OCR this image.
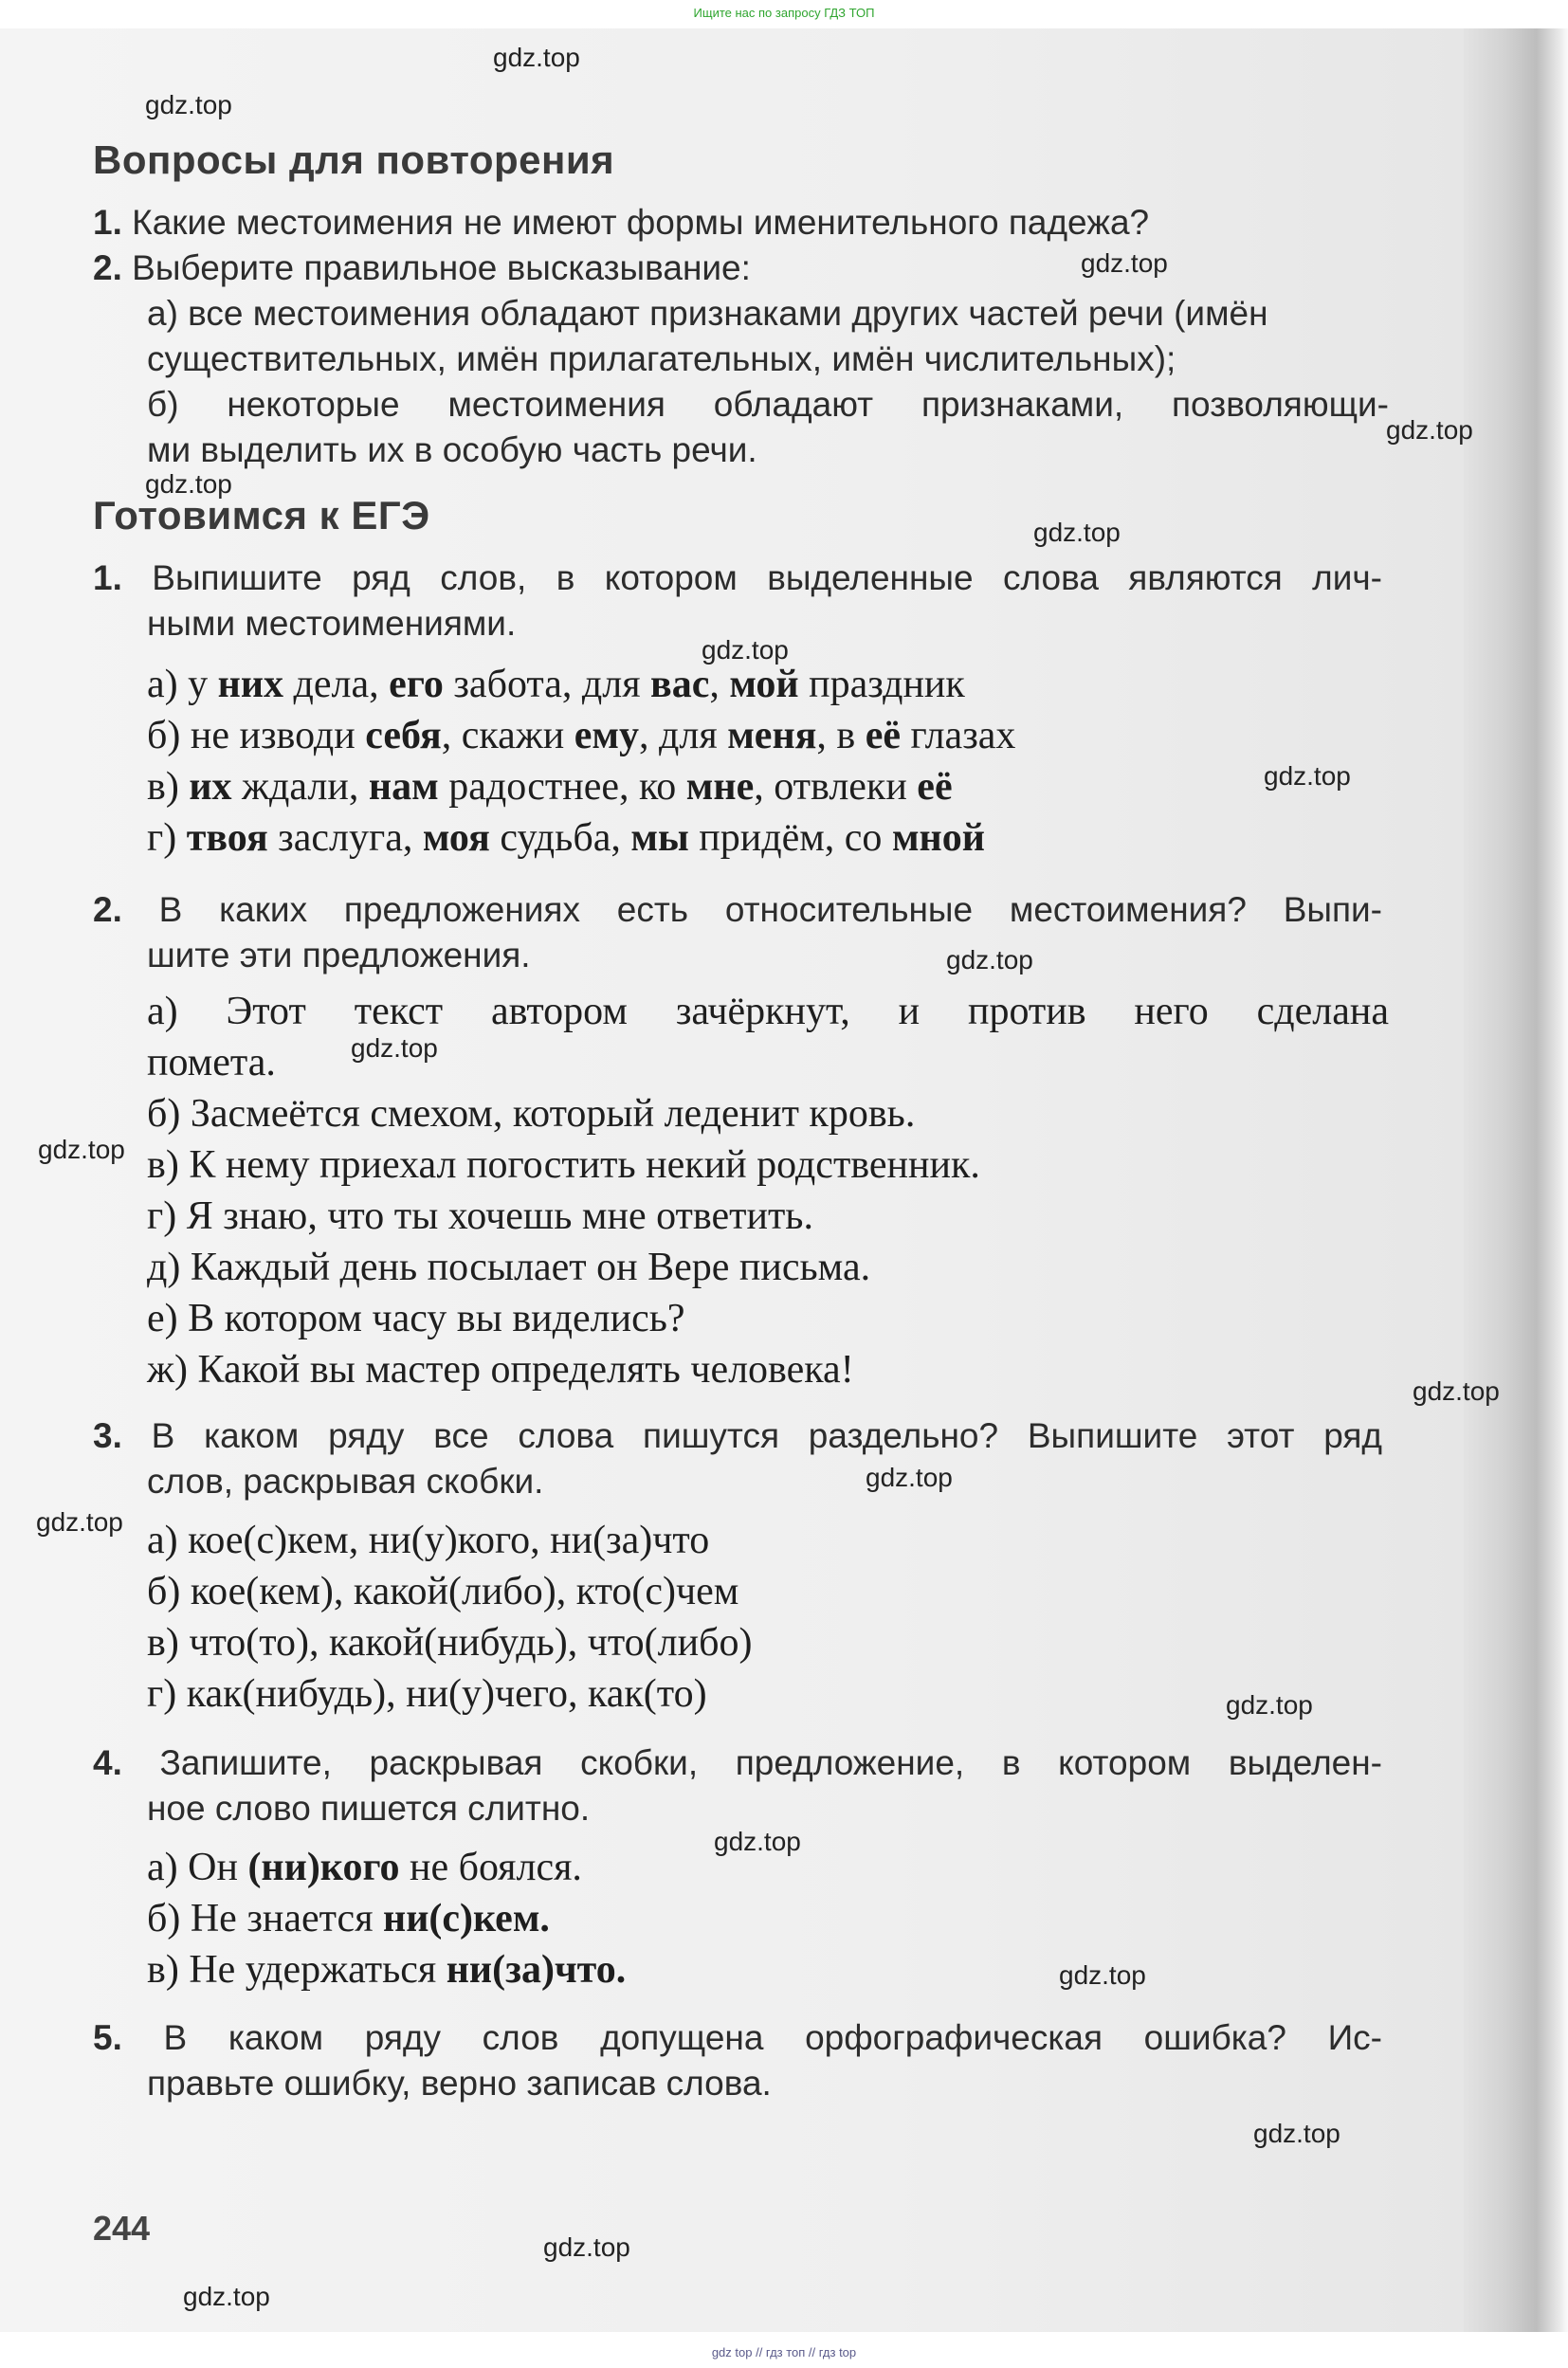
Ищите нас по запросу ГДЗ ТОП
Вопросы для повторения
1. Какие местоимения не имеют формы именительного падежа?
2. Выберите правильное высказывание:
а) все местоимения обладают признаками других частей речи (имён
существительных, имён прилагательных, имён числительных);
б) некоторые местоимения обладают признаками, позволяющи-
ми выделить их в особую часть речи.
Готовимся к ЕГЭ
1. Выпишите ряд слов, в котором выделенные слова являются лич-
ными местоимениями.
а) у них дела, его забота, для вас, мой праздник
б) не изводи себя, скажи ему, для меня, в её глазах
в) их ждали, нам радостнее, ко мне, отвлеки её
г) твоя заслуга, моя судьба, мы придём, со мной
2. В каких предложениях есть относительные местоимения? Выпи-
шите эти предложения.
а) Этот текст автором зачёркнут, и против него сделана
помета.
б) Засмеётся смехом, который леденит кровь.
в) К нему приехал погостить некий родственник.
г) Я знаю, что ты хочешь мне ответить.
д) Каждый день посылает он Вере письма.
е) В котором часу вы виделись?
ж) Какой вы мастер определять человека!
3. В каком ряду все слова пишутся раздельно? Выпишите этот ряд
слов, раскрывая скобки.
а) кое(с)кем, ни(у)кого, ни(за)что
б) кое(кем), какой(либо), кто(с)чем
в) что(то), какой(нибудь), что(либо)
г) как(нибудь), ни(у)чего, как(то)
4. Запишите, раскрывая скобки, предложение, в котором выделен-
ное слово пишется слитно.
а) Он (ни)кого не боялся.
б) Не знается ни(с)кем.
в) Не удержаться ни(за)что.
5. В каком ряду слов допущена орфографическая ошибка? Ис-
правьте ошибку, верно записав слова.
244
gdz top // гдз топ // гдз top
gdz.top
gdz.top
gdz.top
gdz.top
gdz.top
gdz.top
gdz.top
gdz.top
gdz.top
gdz.top
gdz.top
gdz.top
gdz.top
gdz.top
gdz.top
gdz.top
gdz.top
gdz.top
gdz.top
gdz.top
